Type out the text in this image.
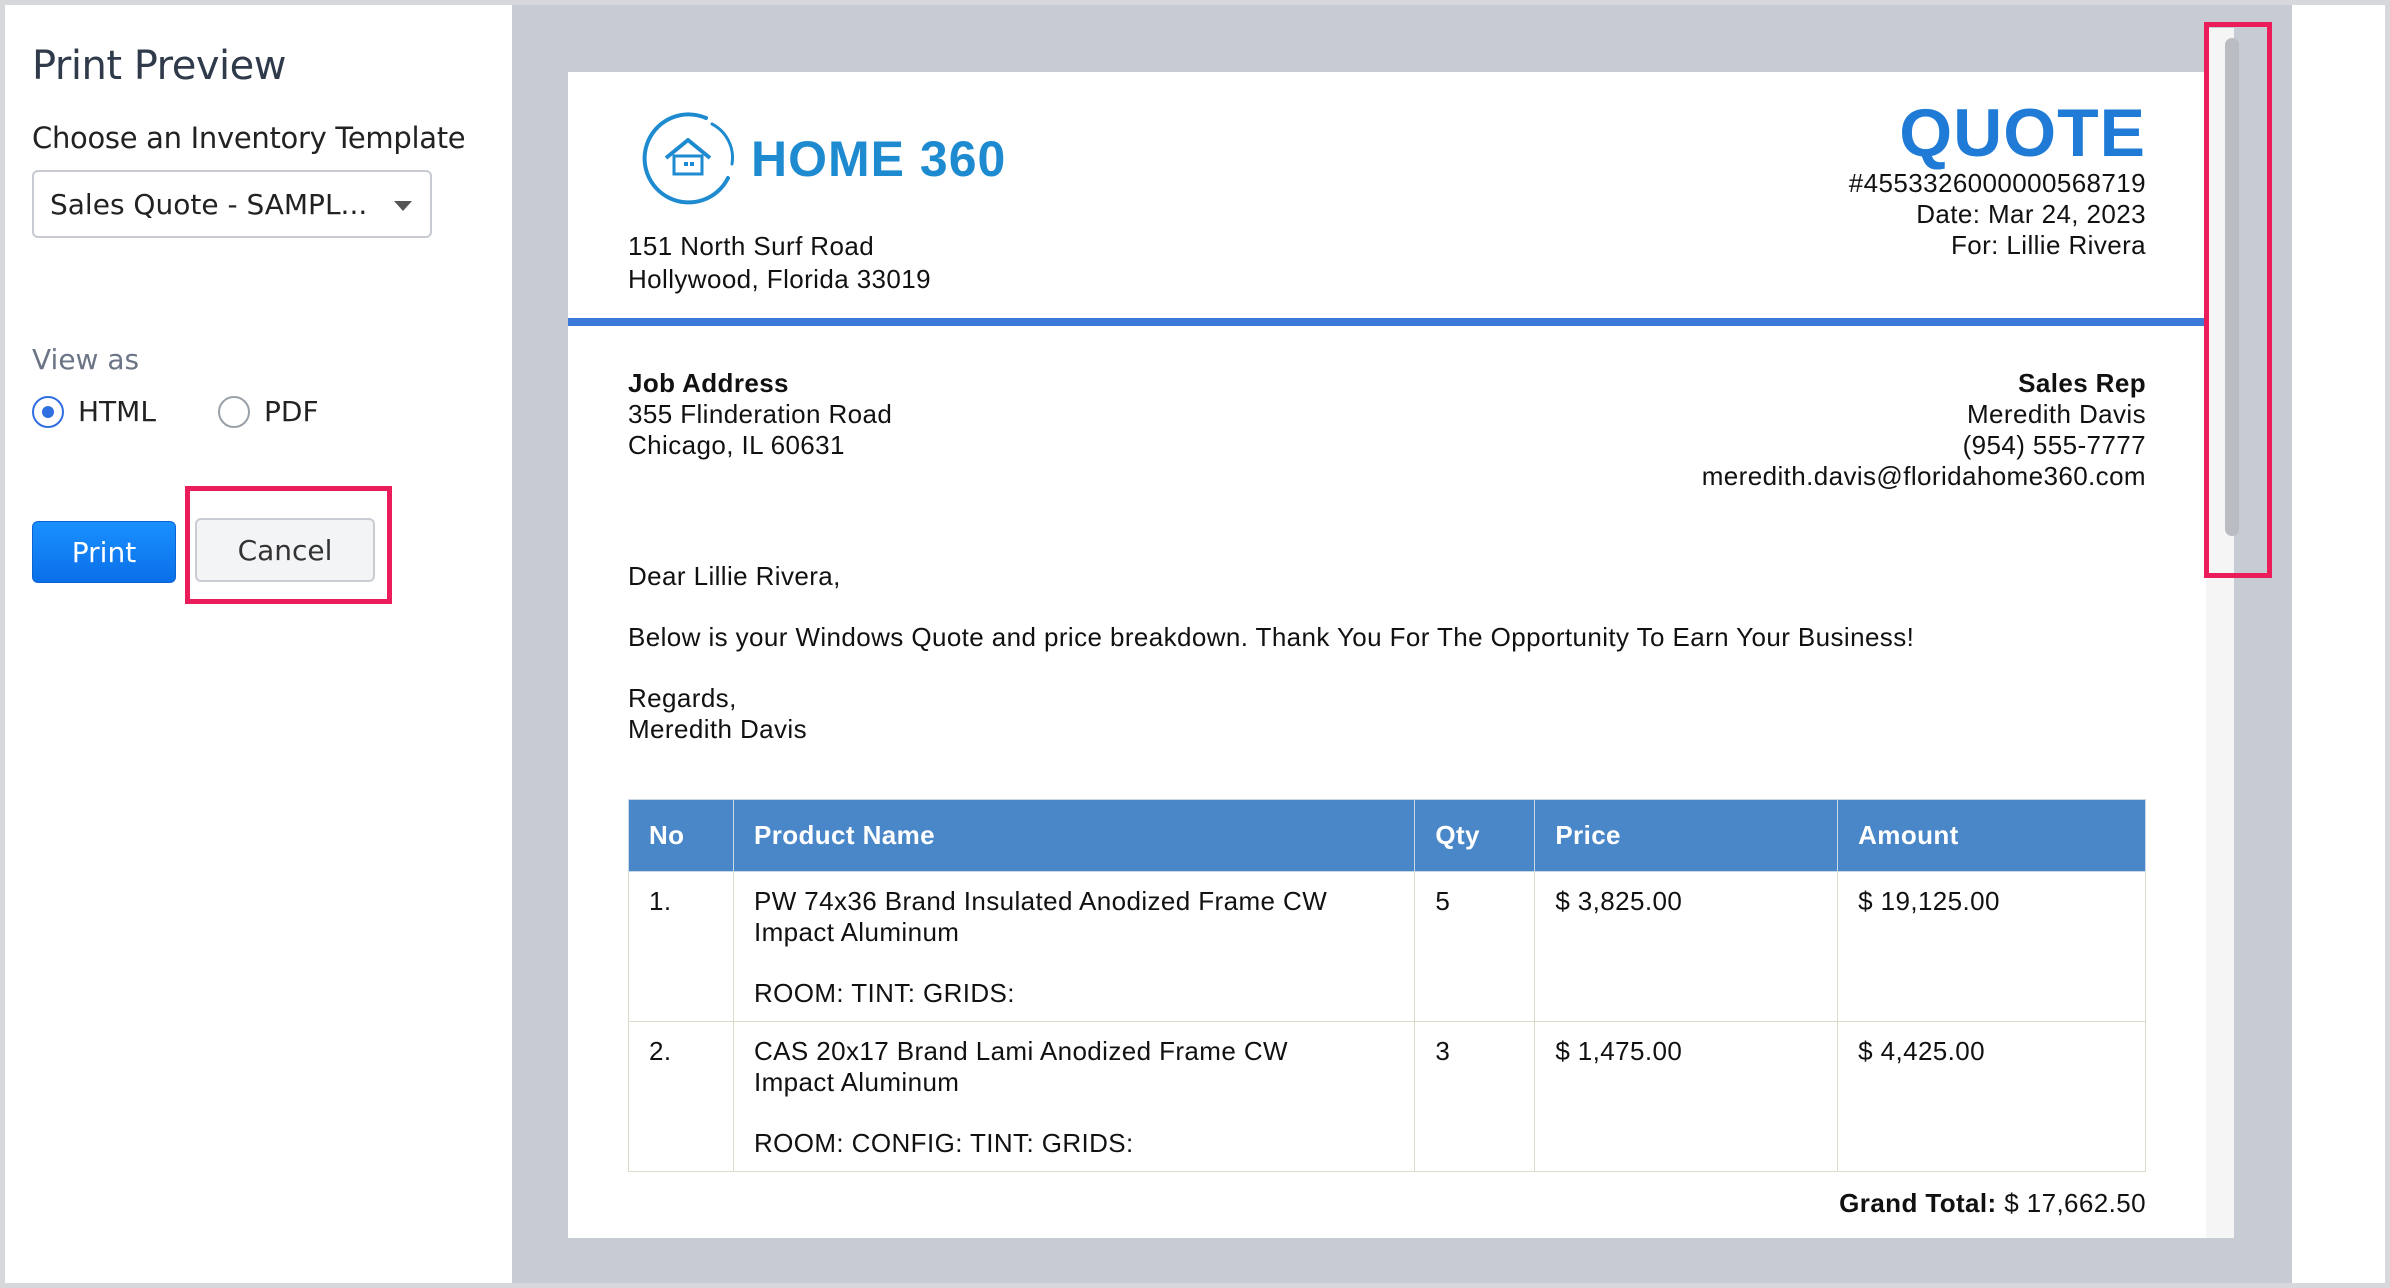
Print Preview
Choose an Inventory Template
Sales Quote - SAMPL...
View as
HTML	PDF
Print	Cancel
HOME 360
151 North Surf Road
Hollywood, Florida 33019
QUOTE
#4553326000000568719
Date: Mar 24, 2023
For: Lillie Rivera
Job Address
355 Flinderation Road
Chicago, IL 60631
Sales Rep
Meredith Davis
(954) 555-7777
meredith.davis@floridahome360.com
Dear Lillie Rivera,
Below is your Windows Quote and price breakdown. Thank You For The Opportunity To Earn Your Business!
Regards,
Meredith Davis
No	Product Name	Qty	Price	Amount
1.	PW 74x36 Brand Insulated Anodized Frame CW
Impact Aluminum
ROOM: TINT: GRIDS:	5	$ 3,825.00	$ 19,125.00
2.	CAS 20x17 Brand Lami Anodized Frame CW
Impact Aluminum
ROOM: CONFIG: TINT: GRIDS:	3	$ 1,475.00	$ 4,425.00
Grand Total: $ 17,662.50
